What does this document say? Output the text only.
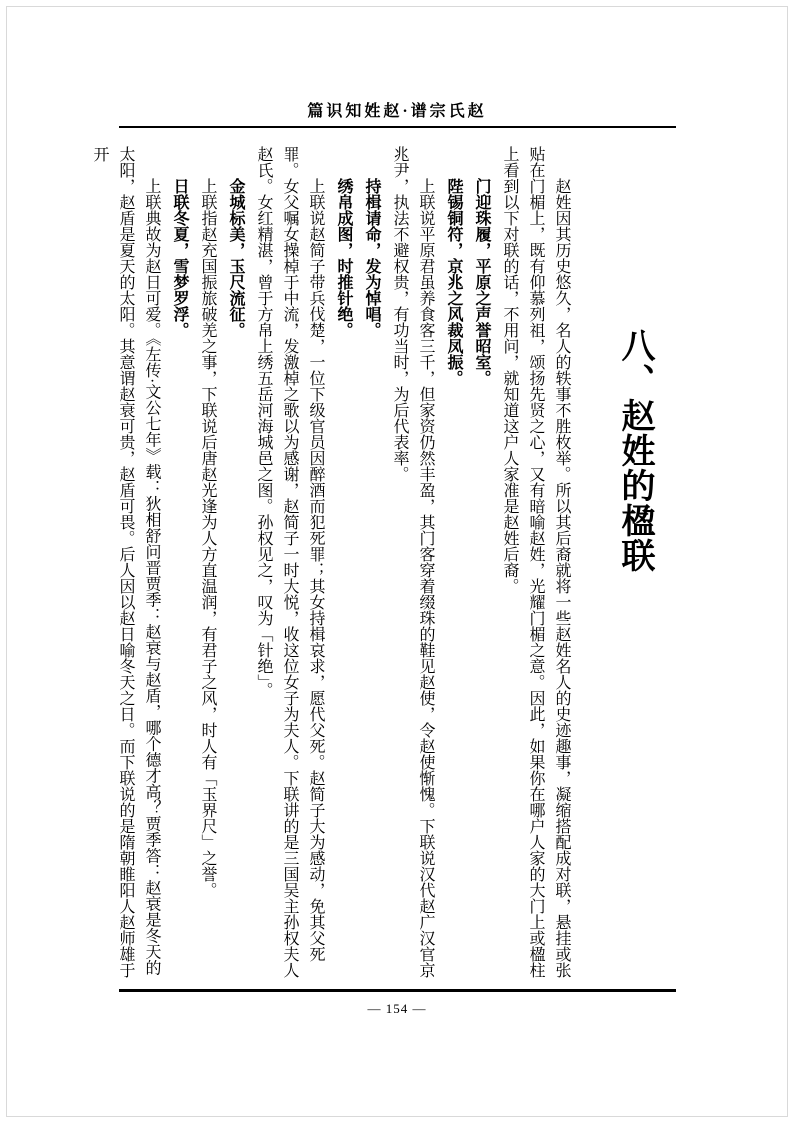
篇识知姓赵·谱宗氏赵
八、赵姓的楹联

赵姓因其历史悠久，名人的轶事不胜枚举。所以其后裔就将一些赵姓名人的史迹趣事，凝缩搭配成对联，悬挂或张贴在门楣上，既有仰慕列祖，颂扬先贤之心，又有暗喻赵姓，光耀门楣之意。因此，如果你在哪户人家的大门上或楹柱上看到以下对联的话，不用问，就知道这户人家准是赵姓后裔。

门迎珠履，平原之声誉昭室。

陛锡铜符，京兆之风裁凤振。

上联说平原君虽养食客三千，但家资仍然丰盈，其门客穿着缀珠的鞋见赵使，令赵使惭愧。下联说汉代赵广汉官京兆尹，执法不避权贵，有功当时，为后代表率。

持楫请命，发为悼唱。

绣帛成图，时推针绝。

上联说赵简子带兵伐楚，一位下级官员因醉酒而犯死罪；其女持楫哀求，愿代父死。赵简子大为感动，免其父死罪。女父嘱女操棹于中流，发激棹之歌以为感谢，赵简子一时大悦，收这位女子为夫人。下联讲的是三国吴主孙权夫人赵氏。女红精湛，曾于方帛上绣五岳河海城邑之图。孙权见之，叹为「针绝」。

金城标美，玉尺流征。

上联指赵充国振旅破羌之事，下联说后唐赵光逢为人方直温润，有君子之风，时人有「玉界尺」之誉。

日联冬夏，雪梦罗浮。

上联典故为赵日可爱。《左传·文公七年》载：狄相舒问晋贾季：赵衰与赵盾，哪个德才高？贾季答：赵衰是冬天的太阳，赵盾是夏天的太阳。其意谓赵衰可贵，赵盾可畏。后人因以赵日喻冬天之日。而下联说的是隋朝睢阳人赵师雄于开

— 154 —
